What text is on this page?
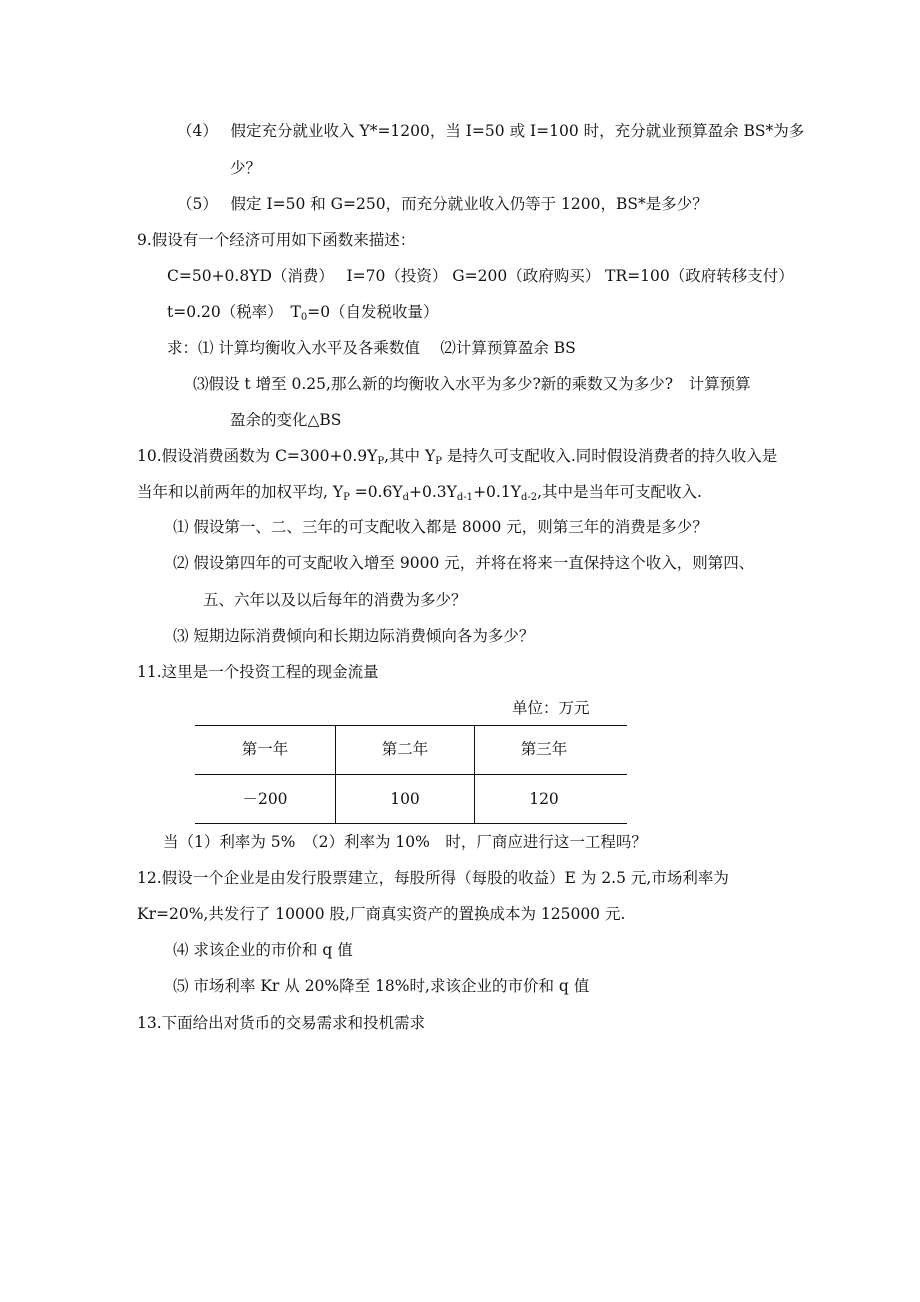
（4）　 假定充分就业收入 Y*=1200，当 I=50 或 I=100 时，充分就业预算盈余 BS*为多
少？
（5）　 假定 I=50 和 G=250，而充分就业收入仍等于 1200，BS*是多少？
9.假设有一个经济可用如下函数来描述：
C=50+0.8YD（消费）　 I=70（投资） G=200（政府购买） TR=100（政府转移支付）
t=0.20（税率）　$T_0=0$（自发税收量）
求：⑴ 计算均衡收入水平及各乘数值　 ⑵计算预算盈余 BS
⑶假设 t 增至 0.25,那么新的均衡收入水平为多少?新的乘数又为多少?　计算预算
盈余的变化△BS
10.假设消费函数为 $C=300+0.9Y_P$,其中 $Y_P$ 是持久可支配收入.同时假设消费者的持久收入是
当年和以前两年的加权平均, $Y_P =0.6Y_d+0.3Y_{d-1}+0.1Y_{d-2}$,其中是当年可支配收入.
⑴ 假设第一、二、三年的可支配收入都是 8000 元，则第三年的消费是多少？
⑵ 假设第四年的可支配收入增至 9000 元，并将在将来一直保持这个收入，则第四、
五、六年以及以后每年的消费为多少？
⑶ 短期边际消费倾向和长期边际消费倾向各为多少？
11.这里是一个投资工程的现金流量
单位：万元
第一年	第二年	第三年
－200	100	120
当（1）利率为 5%　（2）利率为 10%　时，厂商应进行这一工程吗？
12.假设一个企业是由发行股票建立，每股所得（每股的收益）E 为 2.5 元,市场利率为
Kr=20%,共发行了 10000 股,厂商真实资产的置换成本为 125000 元.
⑷ 求该企业的市价和 q 值
⑸ 市场利率 Kr 从 20%降至 18%时,求该企业的市价和 q 值
13.下面给出对货币的交易需求和投机需求
